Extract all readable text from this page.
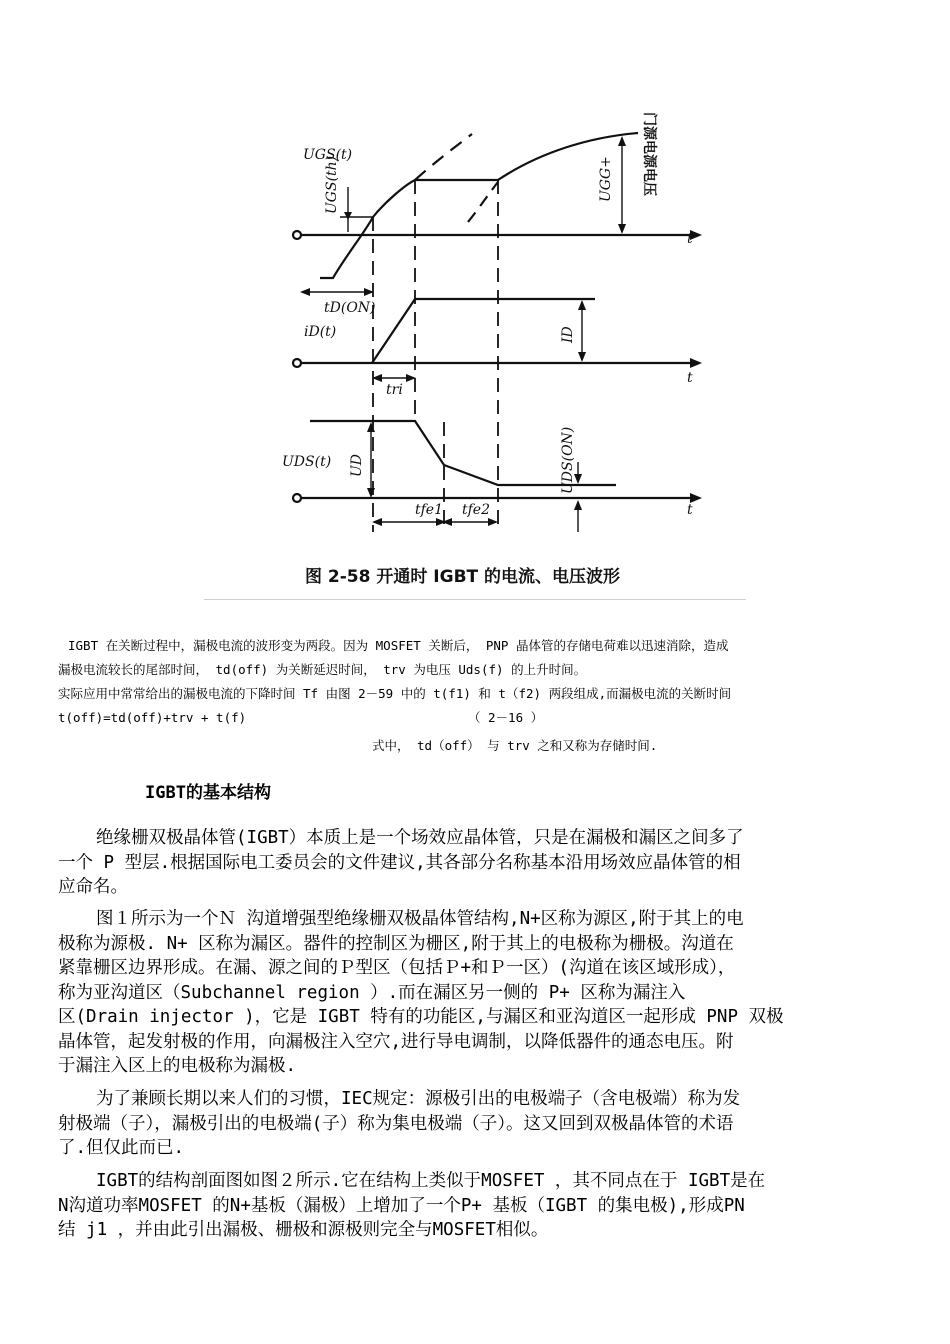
UGS(t)
UGS(th)	UGG+
t
tD(ON)
iD(t)	ID
t
tri
UDS(t) UD	UDS(ON)
t
tfe1 tfe2
门源电源电压
图 2-58 开通时 IGBT 的电流、电压波形
IGBT 在关断过程中，漏极电流的波形变为两段。因为 MOSFET 关断后， PNP 晶体管的存储电荷难以迅速消除，造成
漏极电流较长的尾部时间， td(off) 为关断延迟时间， trv 为电压 Uds(f) 的上升时间。
实际应用中常常给出的漏极电流的下降时间 Tf 由图 2－59 中的 t(f1) 和 t（f2) 两段组成,而漏极电流的关断时间
t(off)=td(off)+trv + t(f)	（ 2－16 ）
式中， td（off） 与 trv 之和又称为存储时间.
IGBT的基本结构
绝缘栅双极晶体管(IGBT）本质上是一个场效应晶体管，只是在漏极和漏区之间多了
一个 P 型层.根据国际电工委员会的文件建议,其各部分名称基本沿用场效应晶体管的相
应命名。
图１所示为一个Ｎ 沟道增强型绝缘栅双极晶体管结构,N+区称为源区,附于其上的电
极称为源极. N+ 区称为漏区。器件的控制区为栅区,附于其上的电极称为栅极。沟道在
紧靠栅区边界形成。在漏、源之间的Ｐ型区（包括Ｐ+和Ｐ一区）(沟道在该区域形成），
称为亚沟道区（Subchannel region ）.而在漏区另一侧的 P+ 区称为漏注入
区(Drain injector )，它是 IGBT 特有的功能区,与漏区和亚沟道区一起形成 PNP 双极
晶体管，起发射极的作用，向漏极注入空穴,进行导电调制，以降低器件的通态电压。附
于漏注入区上的电极称为漏极.
为了兼顾长期以来人们的习惯，IEC规定：源极引出的电极端子（含电极端）称为发
射极端（子），漏极引出的电极端(子）称为集电极端（子）。这又回到双极晶体管的术语
了.但仅此而已.
IGBT的结构剖面图如图２所示.它在结构上类似于MOSFET ，其不同点在于 IGBT是在
N沟道功率MOSFET 的N+基板（漏极）上增加了一个P+ 基板（IGBT 的集电极),形成PN
结 j1 ，并由此引出漏极、栅极和源极则完全与MOSFET相似。
